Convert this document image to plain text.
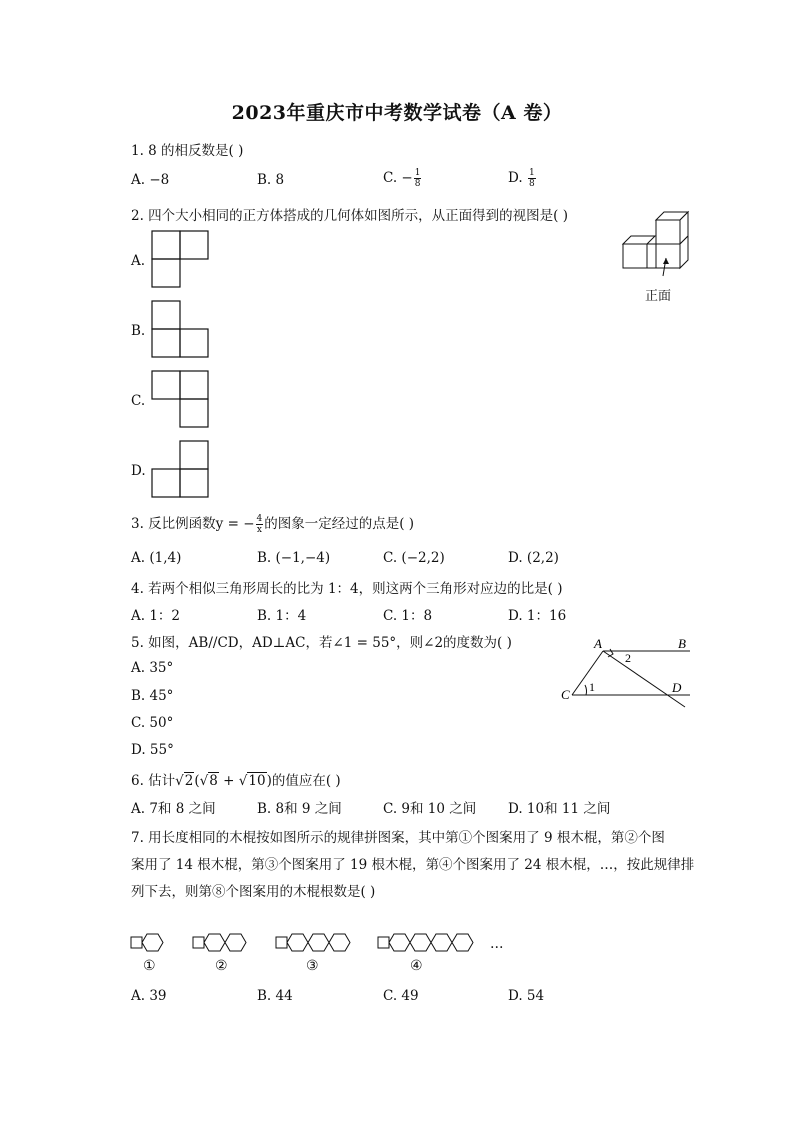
2023年重庆市中考数学试卷（A 卷）
1. 8 的相反数是( )
A. −8	B. 8	C. − $\frac{1}{8}$	D. $\frac{1}{8}$
2. 四个大小相同的正方体搭成的几何体如图所示，从正面得到的视图是( )
A.
B.
C.
D.
正面
3. 反比例函数y = − $\frac{4}{x}$ 的图象一定经过的点是( )
A. (1,4)	B. (−1,−4)	C. (−2,2)	D. (2,2)
4. 若两个相似三角形周长的比为 1：4，则这两个三角形对应边的比是( )
A. 1：2	B. 1：4	C. 1：8	D. 1：16
5. 如图，AB//CD，AD⊥AC，若∠1 = 55°，则∠2的度数为( )
A. 35°
B. 45°
C. 50°
D. 55°
A	B
C	D
1
2
6. 估计√2(√8 + √10)的值应在( )
A. 7和 8 之间	B. 8和 9 之间	C. 9和 10 之间 D. 10和 11 之间
7. 用长度相同的木棍按如图所示的规律拼图案，其中第①个图案用了 9 根木棍，第②个图
案用了 14 根木棍，第③个图案用了 19 根木棍，第④个图案用了 24 根木棍，…，按此规律排
列下去，则第⑧个图案用的木棍根数是( )
…
①	②	③	④
A. 39	B. 44	C. 49	D. 54
